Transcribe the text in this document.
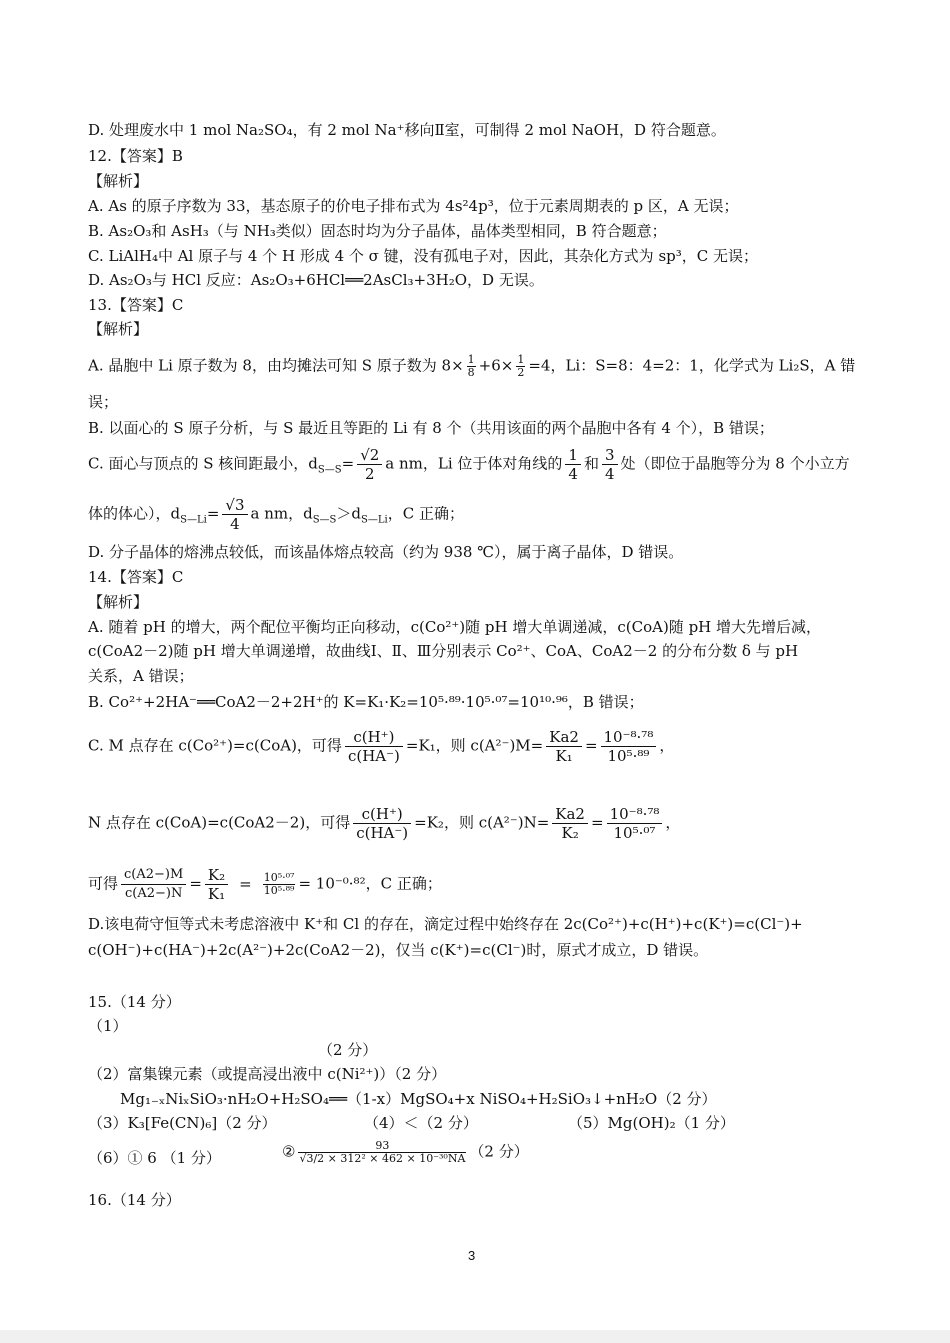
D. 处理废水中 1 mol Na₂SO₄，有 2 mol Na⁺移向Ⅱ室，可制得 2 mol NaOH，D 符合题意。
12.【答案】B
【解析】
A. As 的原子序数为 33，基态原子的价电子排布式为 4s²4p³，位于元素周期表的 p 区，A 无误；
B. As₂O₃和 AsH₃（与 NH₃类似）固态时均为分子晶体，晶体类型相同，B 符合题意；
C. LiAlH₄中 Al 原子与 4 个 H 形成 4 个 σ 键，没有孤电子对，因此，其杂化方式为 sp³，C 无误；
D. As₂O₃与 HCl 反应：As₂O₃+6HCl══2AsCl₃+3H₂O，D 无误。
13.【答案】C
【解析】
A. 晶胞中 Li 原子数为 8，由均摊法可知 S 原子数为 $8\times \frac{1}{8} +6\times \frac{1}{2} =4$，Li：S=8：4=2：1，化学式为 Li₂S，A 错
误；
B. 以面心的 S 原子分析，与 S 最近且等距的 Li 有 8 个（共用该面的两个晶胞中各有 4 个），B 错误；
C. 面心与顶点的 S 核间距最小，$d_{S—S}= \frac{√2}{2}$ a nm，Li 位于体对角线的 $\frac{1}{4}$ 和 $\frac{3}{4}$ 处（即位于晶胞等分为 8 个小立方
体的体心），$d_{S—Li}= \frac{√3}{4}$ a nm，$d_{S—S}>d_{S—Li}$，C 正确；
D. 分子晶体的熔沸点较低，而该晶体熔点较高（约为 938 ℃），属于离子晶体，D 错误。
14.【答案】C
【解析】
A. 随着 pH 的增大，两个配位平衡均正向移动，c(Co²⁺)随 pH 增大单调递减，c(CoA)随 pH 增大先增后减，
c(CoA2－2)随 pH 增大单调递增，故曲线Ⅰ、Ⅱ、Ⅲ分别表示 Co²⁺、CoA、CoA2－2 的分布分数 δ 与 pH
关系，A 错误；
B. Co²⁺+2HA⁻══CoA2－2+2H⁺的 K=K₁·K₂=10⁵·⁸⁹·10⁵·⁰⁷=10¹⁰·⁹⁶，B 错误；
C. M 点存在 c(Co²⁺)=c(CoA)，可得 $\frac{c(H^+)}{c(HA^-)} =K_1$，则 $c(A^{2-})M= \frac{Ka2}{\text{K₁}} = \frac{\text{10⁻⁸·⁷⁸}}{\text{10⁵·⁸⁹}}$ ，
N 点存在 c(CoA)=c(CoA2－2)，可得 $\frac{c(H^+)}{c(HA^-)} =K_2$，则 $c(A^{2-})N= \frac{Ka2}{\text{K₂}} = \frac{\text{10⁻⁸·⁷⁸}}{\text{10⁵·⁰⁷}}$ ，
可得 $\frac{c(A2-)M}{c(A2-)N} = \frac{\text{K₂}}{\text{K₁}} = \frac{\text{10⁵·⁰⁷}}{\text{10⁵·⁸⁹}} = 10^{-0}\cdot^{82}$，C 正确；
D.该电荷守恒等式未考虑溶液中 K⁺和 Cl 的存在，滴定过程中始终存在 2c(Co²⁺)+c(H⁺)+c(K⁺)=c(Cl⁻)+
c(OH⁻)+c(HA⁻)+2c(A²⁻)+2c(CoA2－2)，仅当 c(K⁺)=c(Cl⁻)时，原式才成立，D 错误。
15.（14 分）
（1）
（2 分）
（2）富集镍元素（或提高浸出液中 c(Ni²⁺)）（2 分）
Mg₁₋ₓNiₓSiO₃·nH₂O+H₂SO₄══（1-x）MgSO₄+x NiSO₄+H₂SiO₃↓+nH₂O（2 分）
（3）K₃[Fe(CN)₆]（2 分）	（4）＜（2 分）	（5）Mg(OH)₂（1 分）
（6）① 6 （1 分）	② $\frac{93}{\text{√3/2 × 312² × 462 × 10⁻³⁰NA}} (2$ 分）
16.（14 分）
3
